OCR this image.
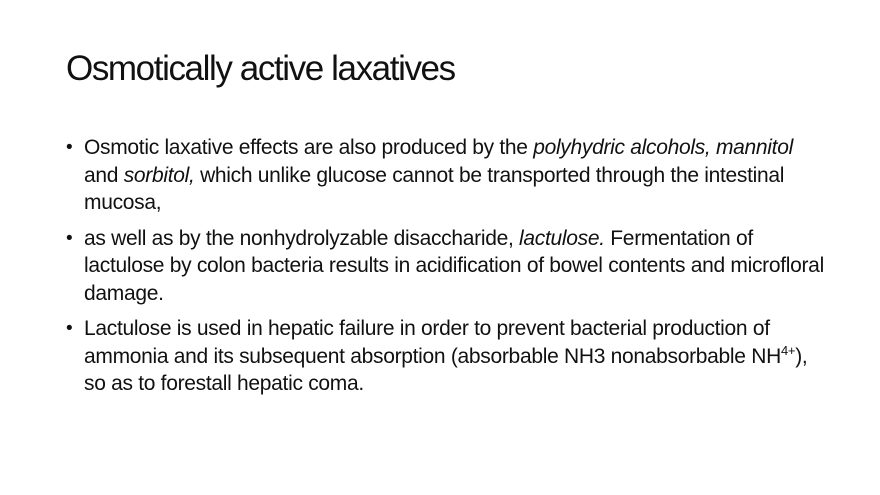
Osmotically active laxatives
• Osmotic laxative effects are also produced by the polyhydric alcohols, mannitol and sorbitol, which unlike glucose cannot be transported through the intestinal mucosa,
• as well as by the nonhydrolyzable disaccharide, lactulose. Fermentation of lactulose by colon bacteria results in acidification of bowel contents and microfloral damage.
• Lactulose is used in hepatic failure in order to prevent bacterial production of ammonia and its subsequent absorption (absorbable NH3 nonabsorbable $NH^{4+}$), so as to forestall hepatic coma.
